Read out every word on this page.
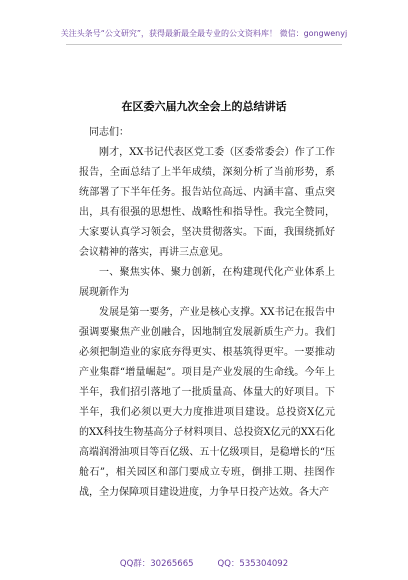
关注头条号“公文研究”，获得最新最全最专业的公文资料库！ 微信：gongwenyj
在区委六届九次全会上的总结讲话

同志们：

刚才，XX书记代表区党工委（区委常委会）作了工作报告，全面总结了上半年成绩，深刻分析了当前形势，系统部署了下半年任务。报告站位高远、内涵丰富、重点突出，具有很强的思想性、战略性和指导性。我完全赞同，大家要认真学习领会，坚决贯彻落实。下面，我围绕抓好会议精神的落实，再讲三点意见。

一、聚焦实体、聚力创新，在构建现代化产业体系上展现新作为

发展是第一要务，产业是核心支撑。XX书记在报告中强调要聚焦产业创融合，因地制宜发展新质生产力。我们必须把制造业的家底夯得更实、根基筑得更牢。一要推动产业集群“增量崛起”。项目是产业发展的生命线。今年上半年，我们招引落地了一批质量高、体量大的好项目。下半年，我们必须以更大力度推进项目建设。总投资X亿元的XX科技生物基高分子材料项目、总投资X亿元的XX石化高端润滑油项目等百亿级、五十亿级项目，是稳增长的“压舱石”，相关园区和部门要成立专班，倒排工期、挂图作战，全力保障项目建设进度，力争早日投产达效。各大产

QQ群：30265665	QQ：535304092
